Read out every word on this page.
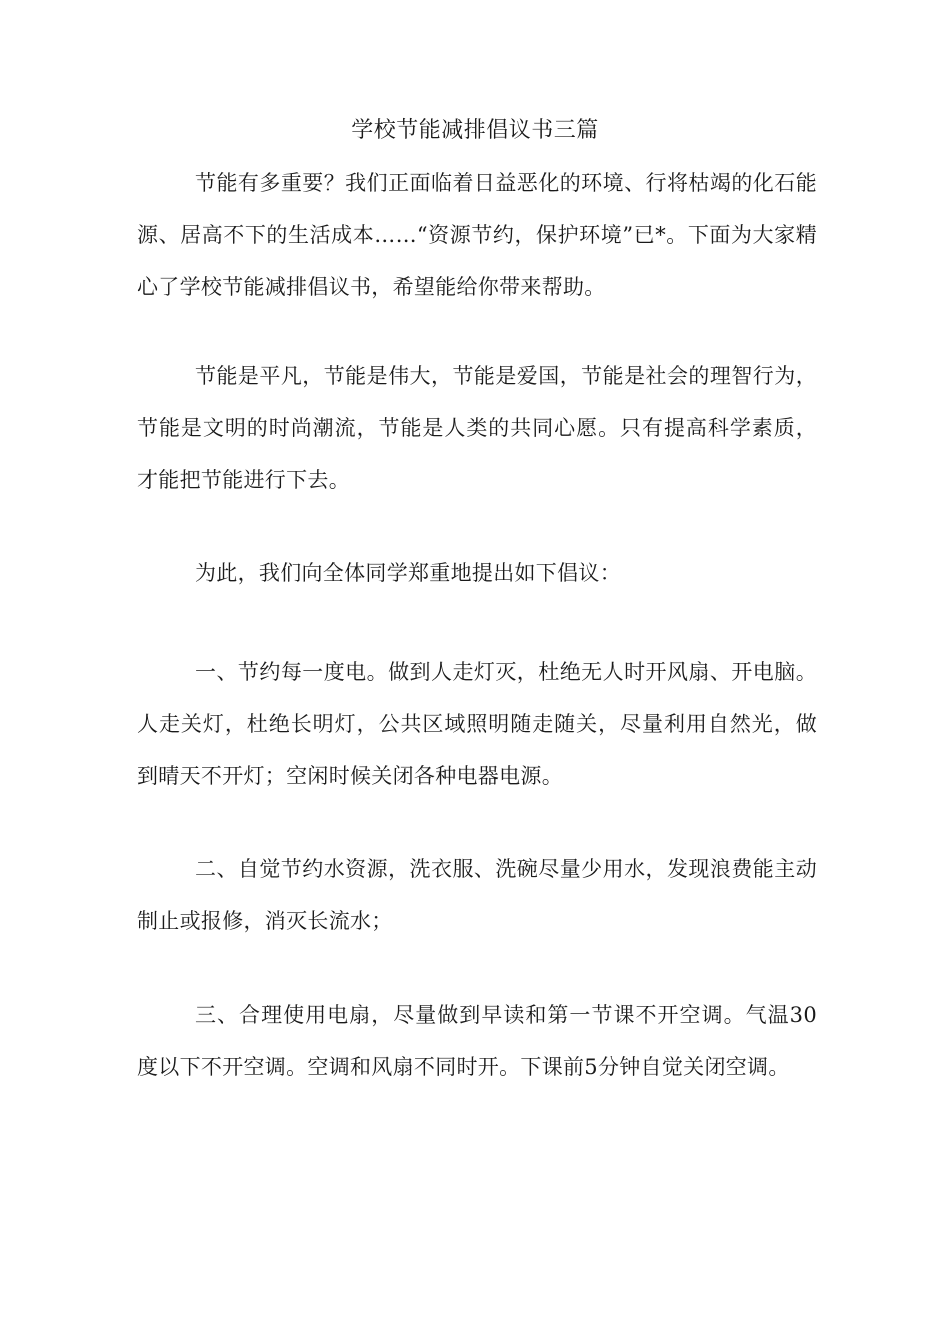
学校节能减排倡议书三篇

节能有多重要？我们正面临着日益恶化的环境、行将枯竭的化石能源、居高不下的生活成本……“资源节约，保护环境”已*。下面为大家精心了学校节能减排倡议书，希望能给你带来帮助。

节能是平凡，节能是伟大，节能是爱国，节能是社会的理智行为，节能是文明的时尚潮流，节能是人类的共同心愿。只有提高科学素质，才能把节能进行下去。

为此，我们向全体同学郑重地提出如下倡议：

一、节约每一度电。做到人走灯灭，杜绝无人时开风扇、开电脑。人走关灯，杜绝长明灯，公共区域照明随走随关，尽量利用自然光，做到晴天不开灯；空闲时候关闭各种电器电源。

二、自觉节约水资源，洗衣服、洗碗尽量少用水，发现浪费能主动制止或报修，消灭长流水；

三、合理使用电扇，尽量做到早读和第一节课不开空调。气温30度以下不开空调。空调和风扇不同时开。下课前5分钟自觉关闭空调。
